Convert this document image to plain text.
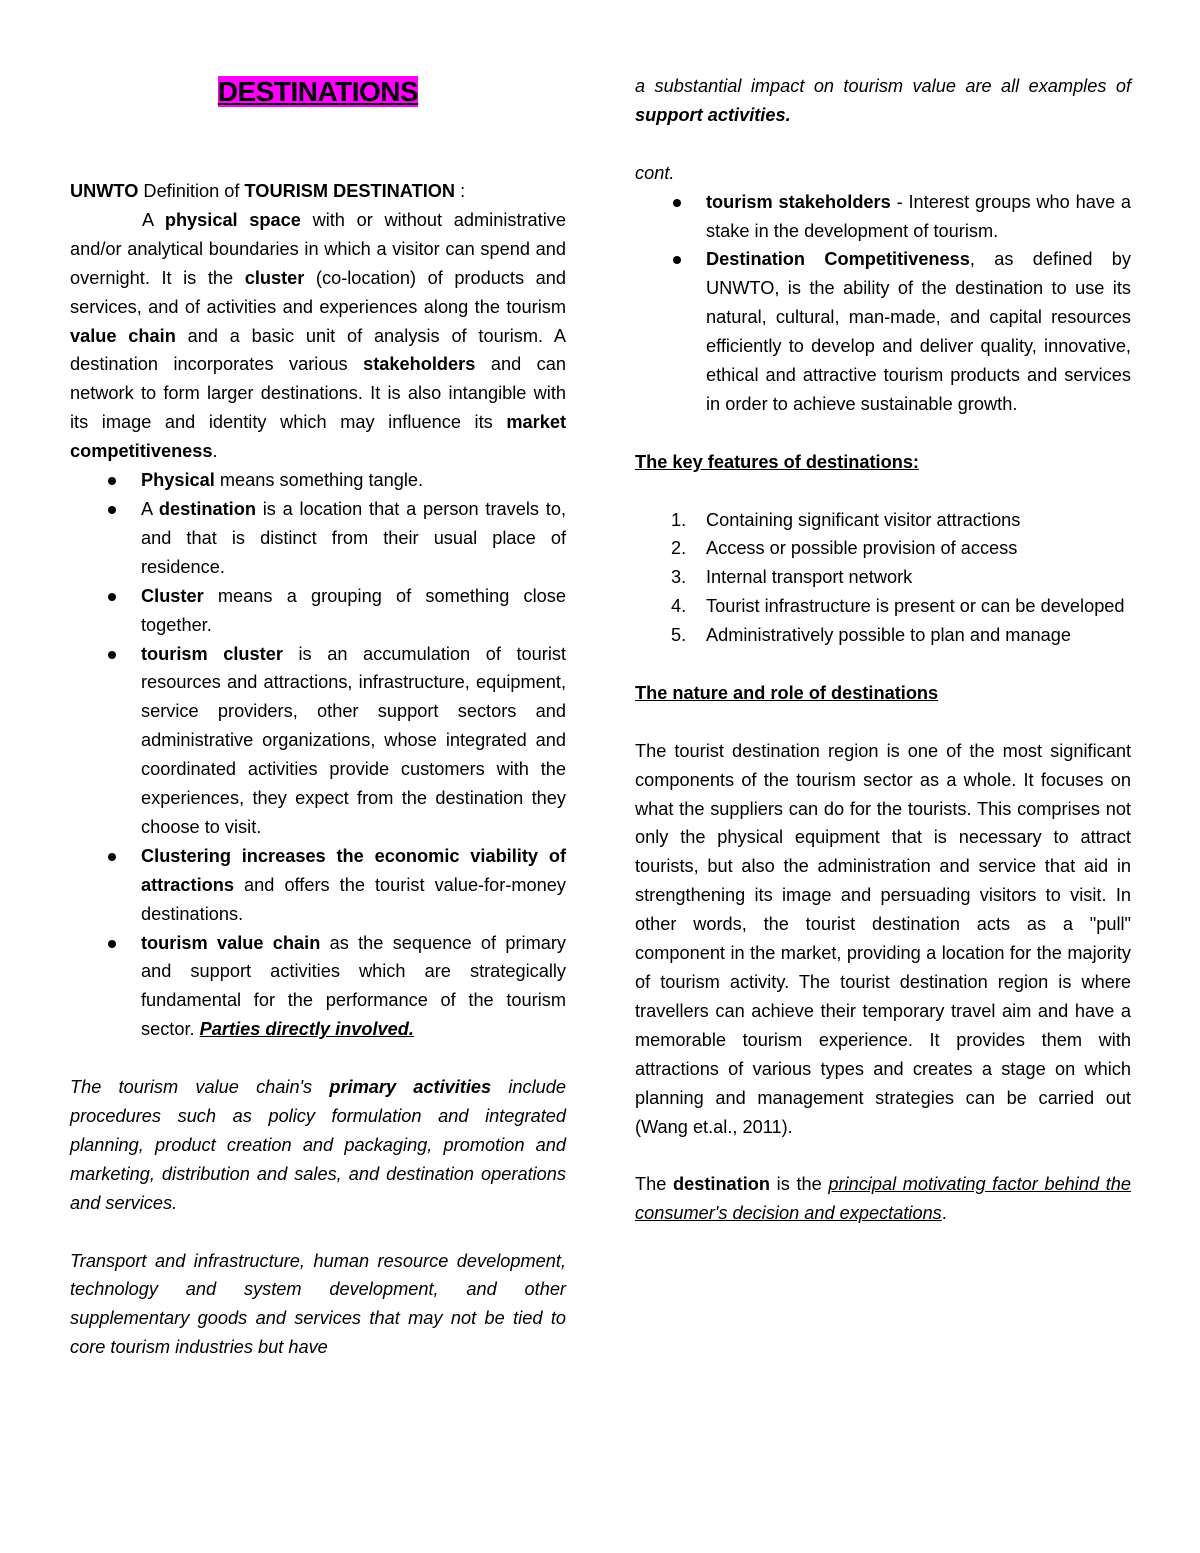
DESTINATIONS

UNWTO Definition of TOURISM DESTINATION :

A physical space with or without administrative and/or analytical boundaries in which a visitor can spend and overnight. It is the cluster (co-location) of products and services, and of activities and experiences along the tourism value chain and a basic unit of analysis of tourism. A destination incorporates various stakeholders and can network to form larger destinations. It is also intangible with its image and identity which may influence its market competitiveness.

Physical means something tangle.
A destination is a location that a person travels to, and that is distinct from their usual place of residence.
Cluster means a grouping of something close together.
tourism cluster is an accumulation of tourist resources and attractions, infrastructure, equipment, service providers, other support sectors and administrative organizations, whose integrated and coordinated activities provide customers with the experiences, they expect from the destination they choose to visit.
Clustering increases the economic viability of attractions and offers the tourist value-for-money destinations.
tourism value chain as the sequence of primary and support activities which are strategically fundamental for the performance of the tourism sector. Parties directly involved.

The tourism value chain's primary activities include procedures such as policy formulation and integrated planning, product creation and packaging, promotion and marketing, distribution and sales, and destination operations and services.

Transport and infrastructure, human resource development, technology and system development, and other supplementary goods and services that may not be tied to core tourism industries but have

a substantial impact on tourism value are all examples of support activities.

cont.

tourism stakeholders - Interest groups who have a stake in the development of tourism.
Destination Competitiveness, as defined by UNWTO, is the ability of the destination to use its natural, cultural, man-made, and capital resources efficiently to develop and deliver quality, innovative, ethical and attractive tourism products and services in order to achieve sustainable growth.
The key features of destinations:
1. Containing significant visitor attractions
2. Access or possible provision of access
3. Internal transport network
4. Tourist infrastructure is present or can be developed
5. Administratively possible to plan and manage
The nature and role of destinations

The tourist destination region is one of the most significant components of the tourism sector as a whole. It focuses on what the suppliers can do for the tourists. This comprises not only the physical equipment that is necessary to attract tourists, but also the administration and service that aid in strengthening its image and persuading visitors to visit. In other words, the tourist destination acts as a "pull" component in the market, providing a location for the majority of tourism activity. The tourist destination region is where travellers can achieve their temporary travel aim and have a memorable tourism experience. It provides them with attractions of various types and creates a stage on which planning and management strategies can be carried out (Wang et.al., 2011).

The destination is the principal motivating factor behind the consumer's decision and expectations.
